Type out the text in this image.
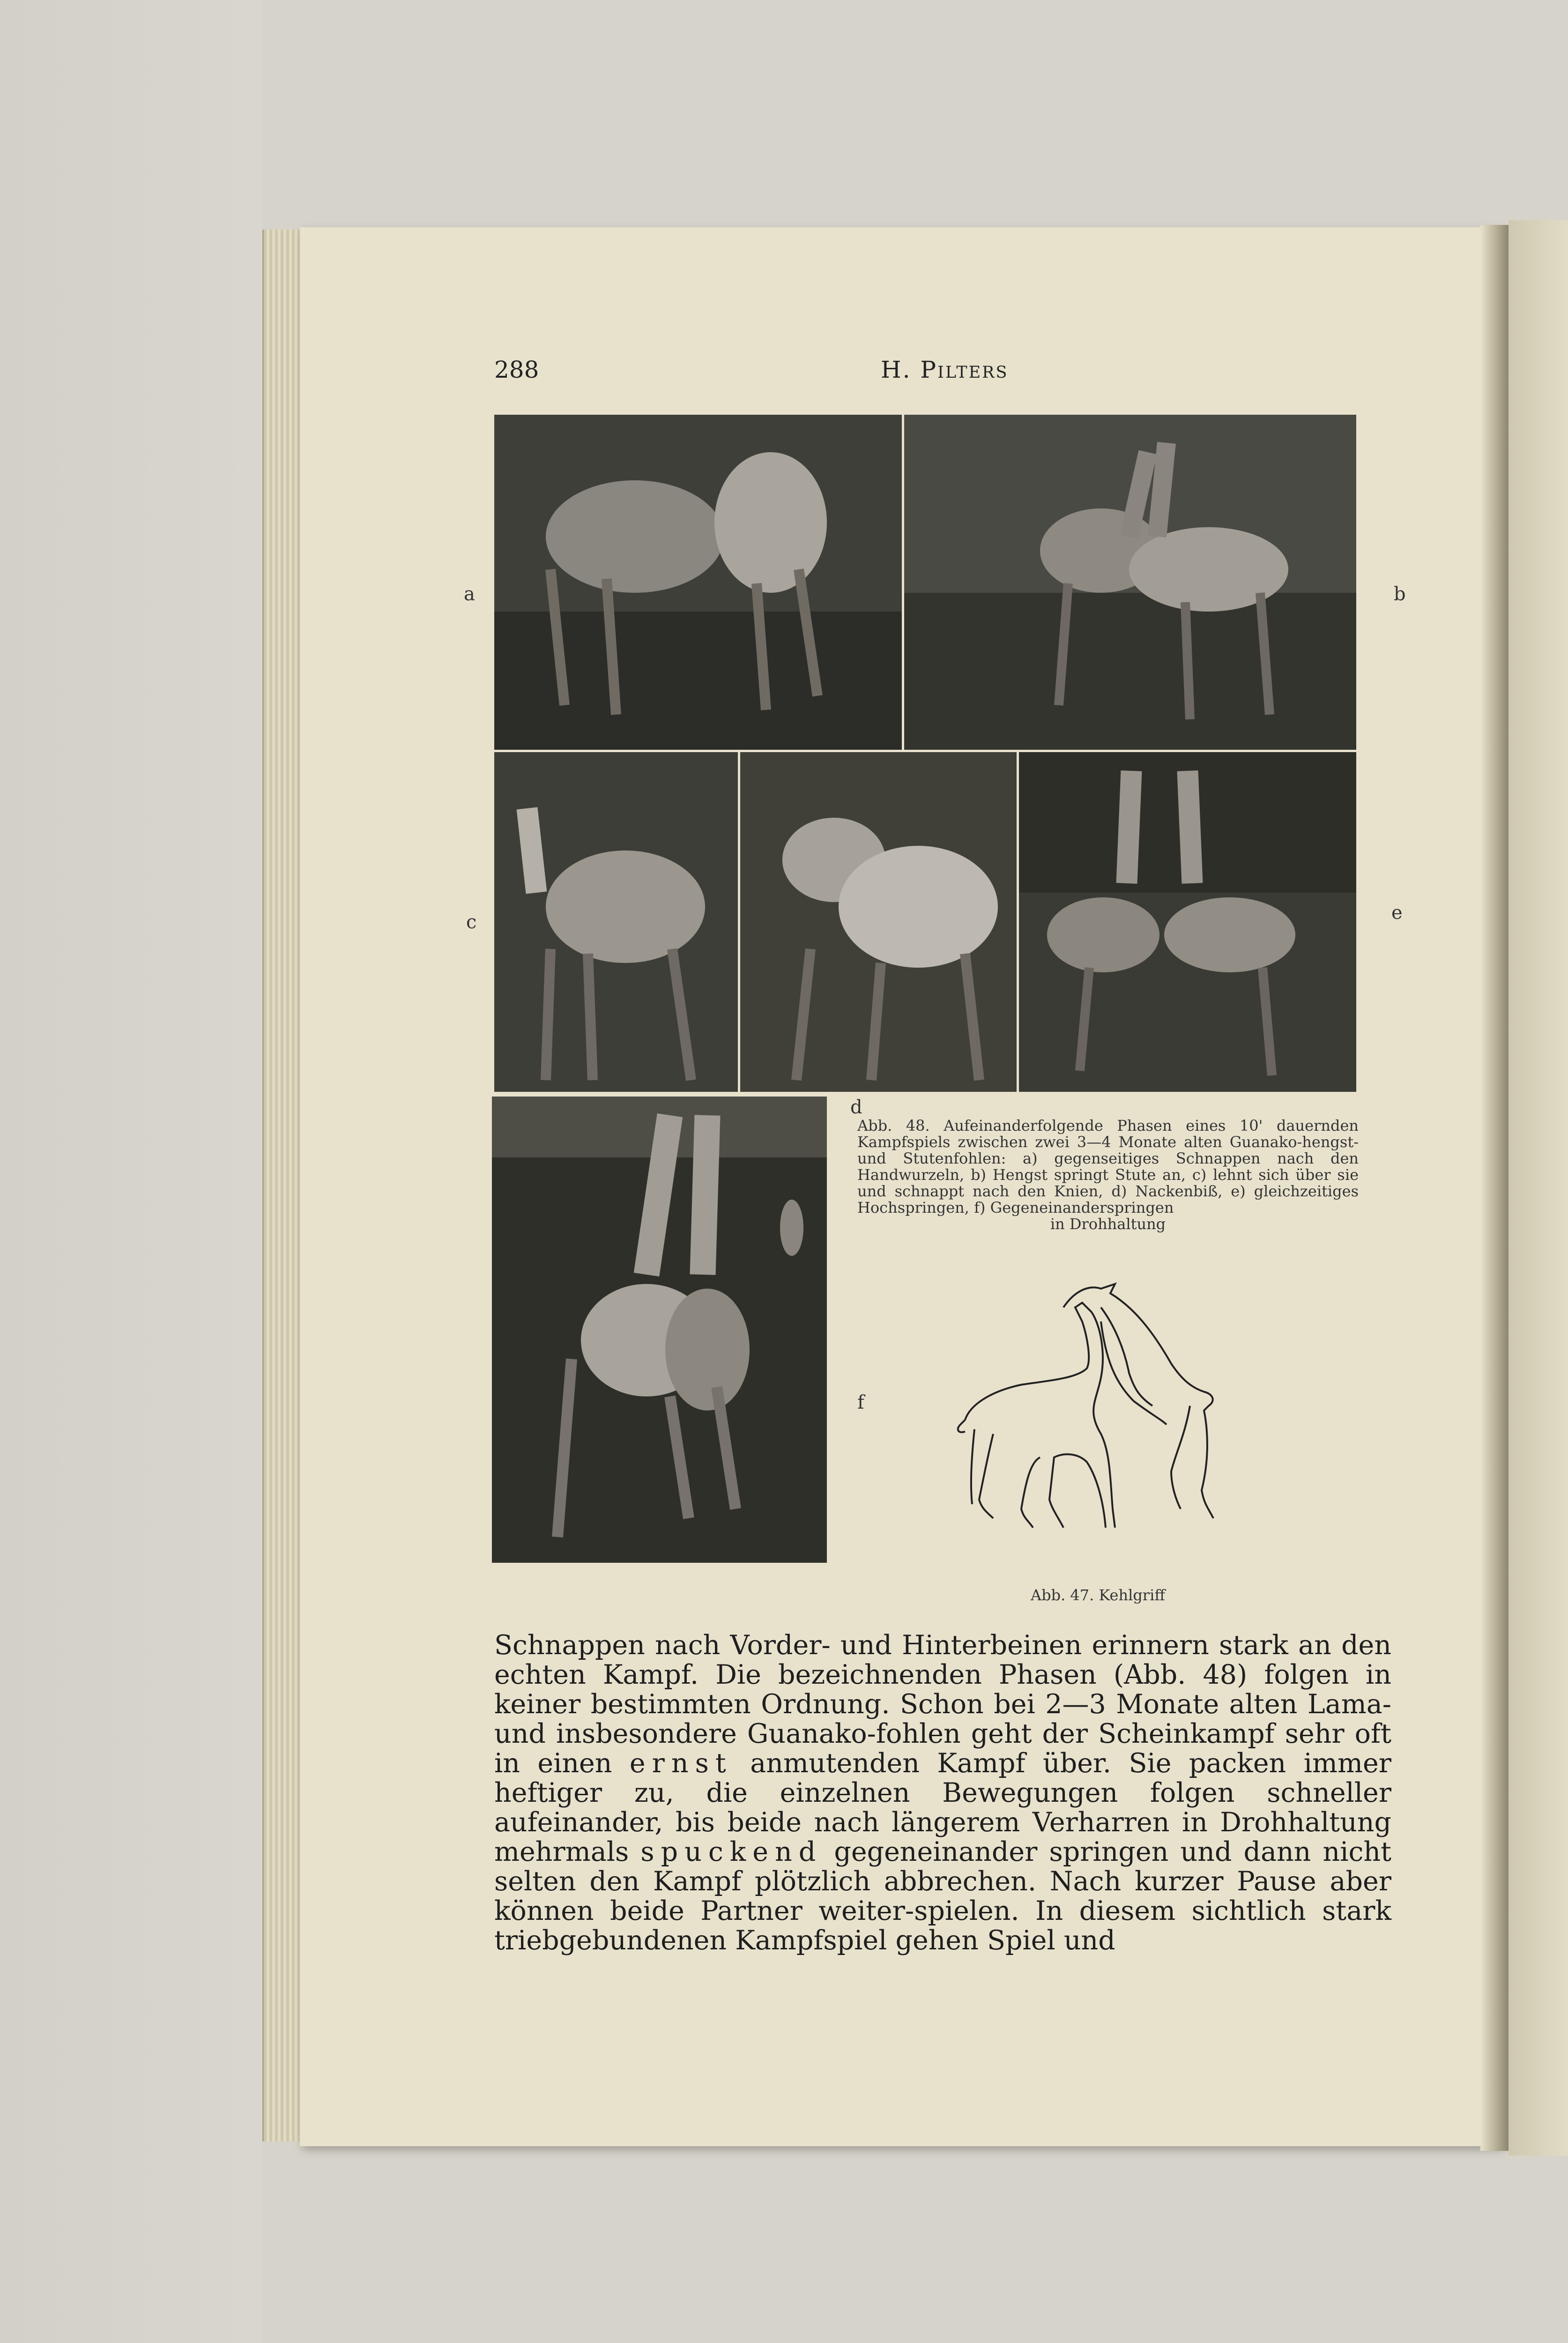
288	H. Pilters
a	b
c
d
e
f
Abb. 48. Aufeinanderfolgende Phasen eines 10' dauernden Kampfspiels zwischen zwei 3—4 Monate alten Guanako-hengst- und Stutenfohlen: a) gegenseitiges Schnappen nach den Handwurzeln, b) Hengst springt Stute an, c) lehnt sich über sie und schnappt nach den Knien, d) Nackenbiß, e) gleichzeitiges Hochspringen, f) Gegeneinanderspringen
in Drohhaltung
Abb. 47. Kehlgriff

Schnappen nach Vorder- und Hinterbeinen erinnern stark an den echten Kampf. Die bezeichnenden Phasen (Abb. 48) folgen in keiner bestimmten Ordnung. Schon bei 2—3 Monate alten Lama- und insbesondere Guanako-fohlen geht der Scheinkampf sehr oft in einen ernst anmutenden Kampf über. Sie packen immer heftiger zu, die einzelnen Bewegungen folgen schneller aufeinander, bis beide nach längerem Verharren in Drohhaltung mehrmals spuckend gegeneinander springen und dann nicht selten den Kampf plötzlich abbrechen. Nach kurzer Pause aber können beide Partner weiter-spielen. In diesem sichtlich stark triebgebundenen Kampfspiel gehen Spiel und
